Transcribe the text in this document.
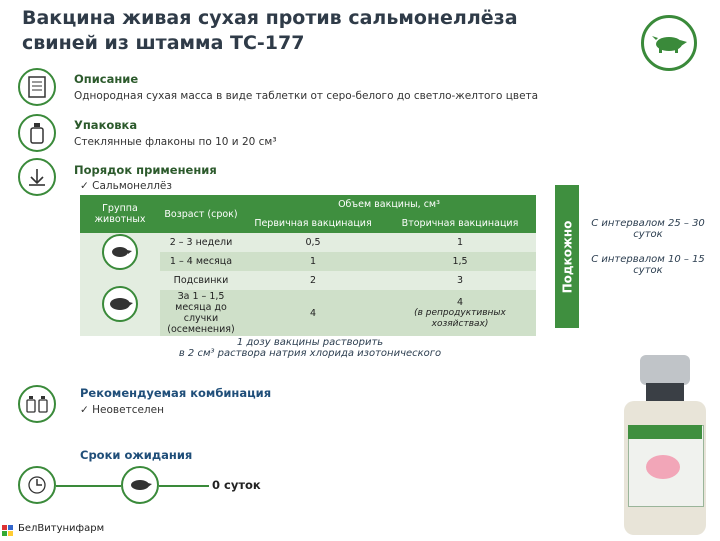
Вакцина живая сухая против сальмонеллёза
свиней из штамма ТС-177
Описание
Однородная сухая масса в виде таблетки от серо-белого до светло-желтого цвета
Упаковка
Стеклянные флаконы по 10 и 20 см³
Порядок применения
✓ Сальмонеллёз
Группа животных	Возраст (срок)	Объем вакцины, см³	
		Первичная вакцинация	Вторичная вакцинация

	2 – 3 недели	0,5	1
	1 – 4 месяца	1	1,5

	Подсвинки	2	3
	За 1 – 1,5 месяца до случки (осеменения)	4	4
(в репродуктивных хозяйствах)
Подкожно	С интервалом 25 – 30 суток
С интервалом 10 – 15 суток
1 дозу вакцины растворить
в 2 см³ раствора натрия хлорида изотонического
Рекомендуемая комбинация
✓ Неоветселен
Сроки ожидания
0 суток
БелВитунифарм
